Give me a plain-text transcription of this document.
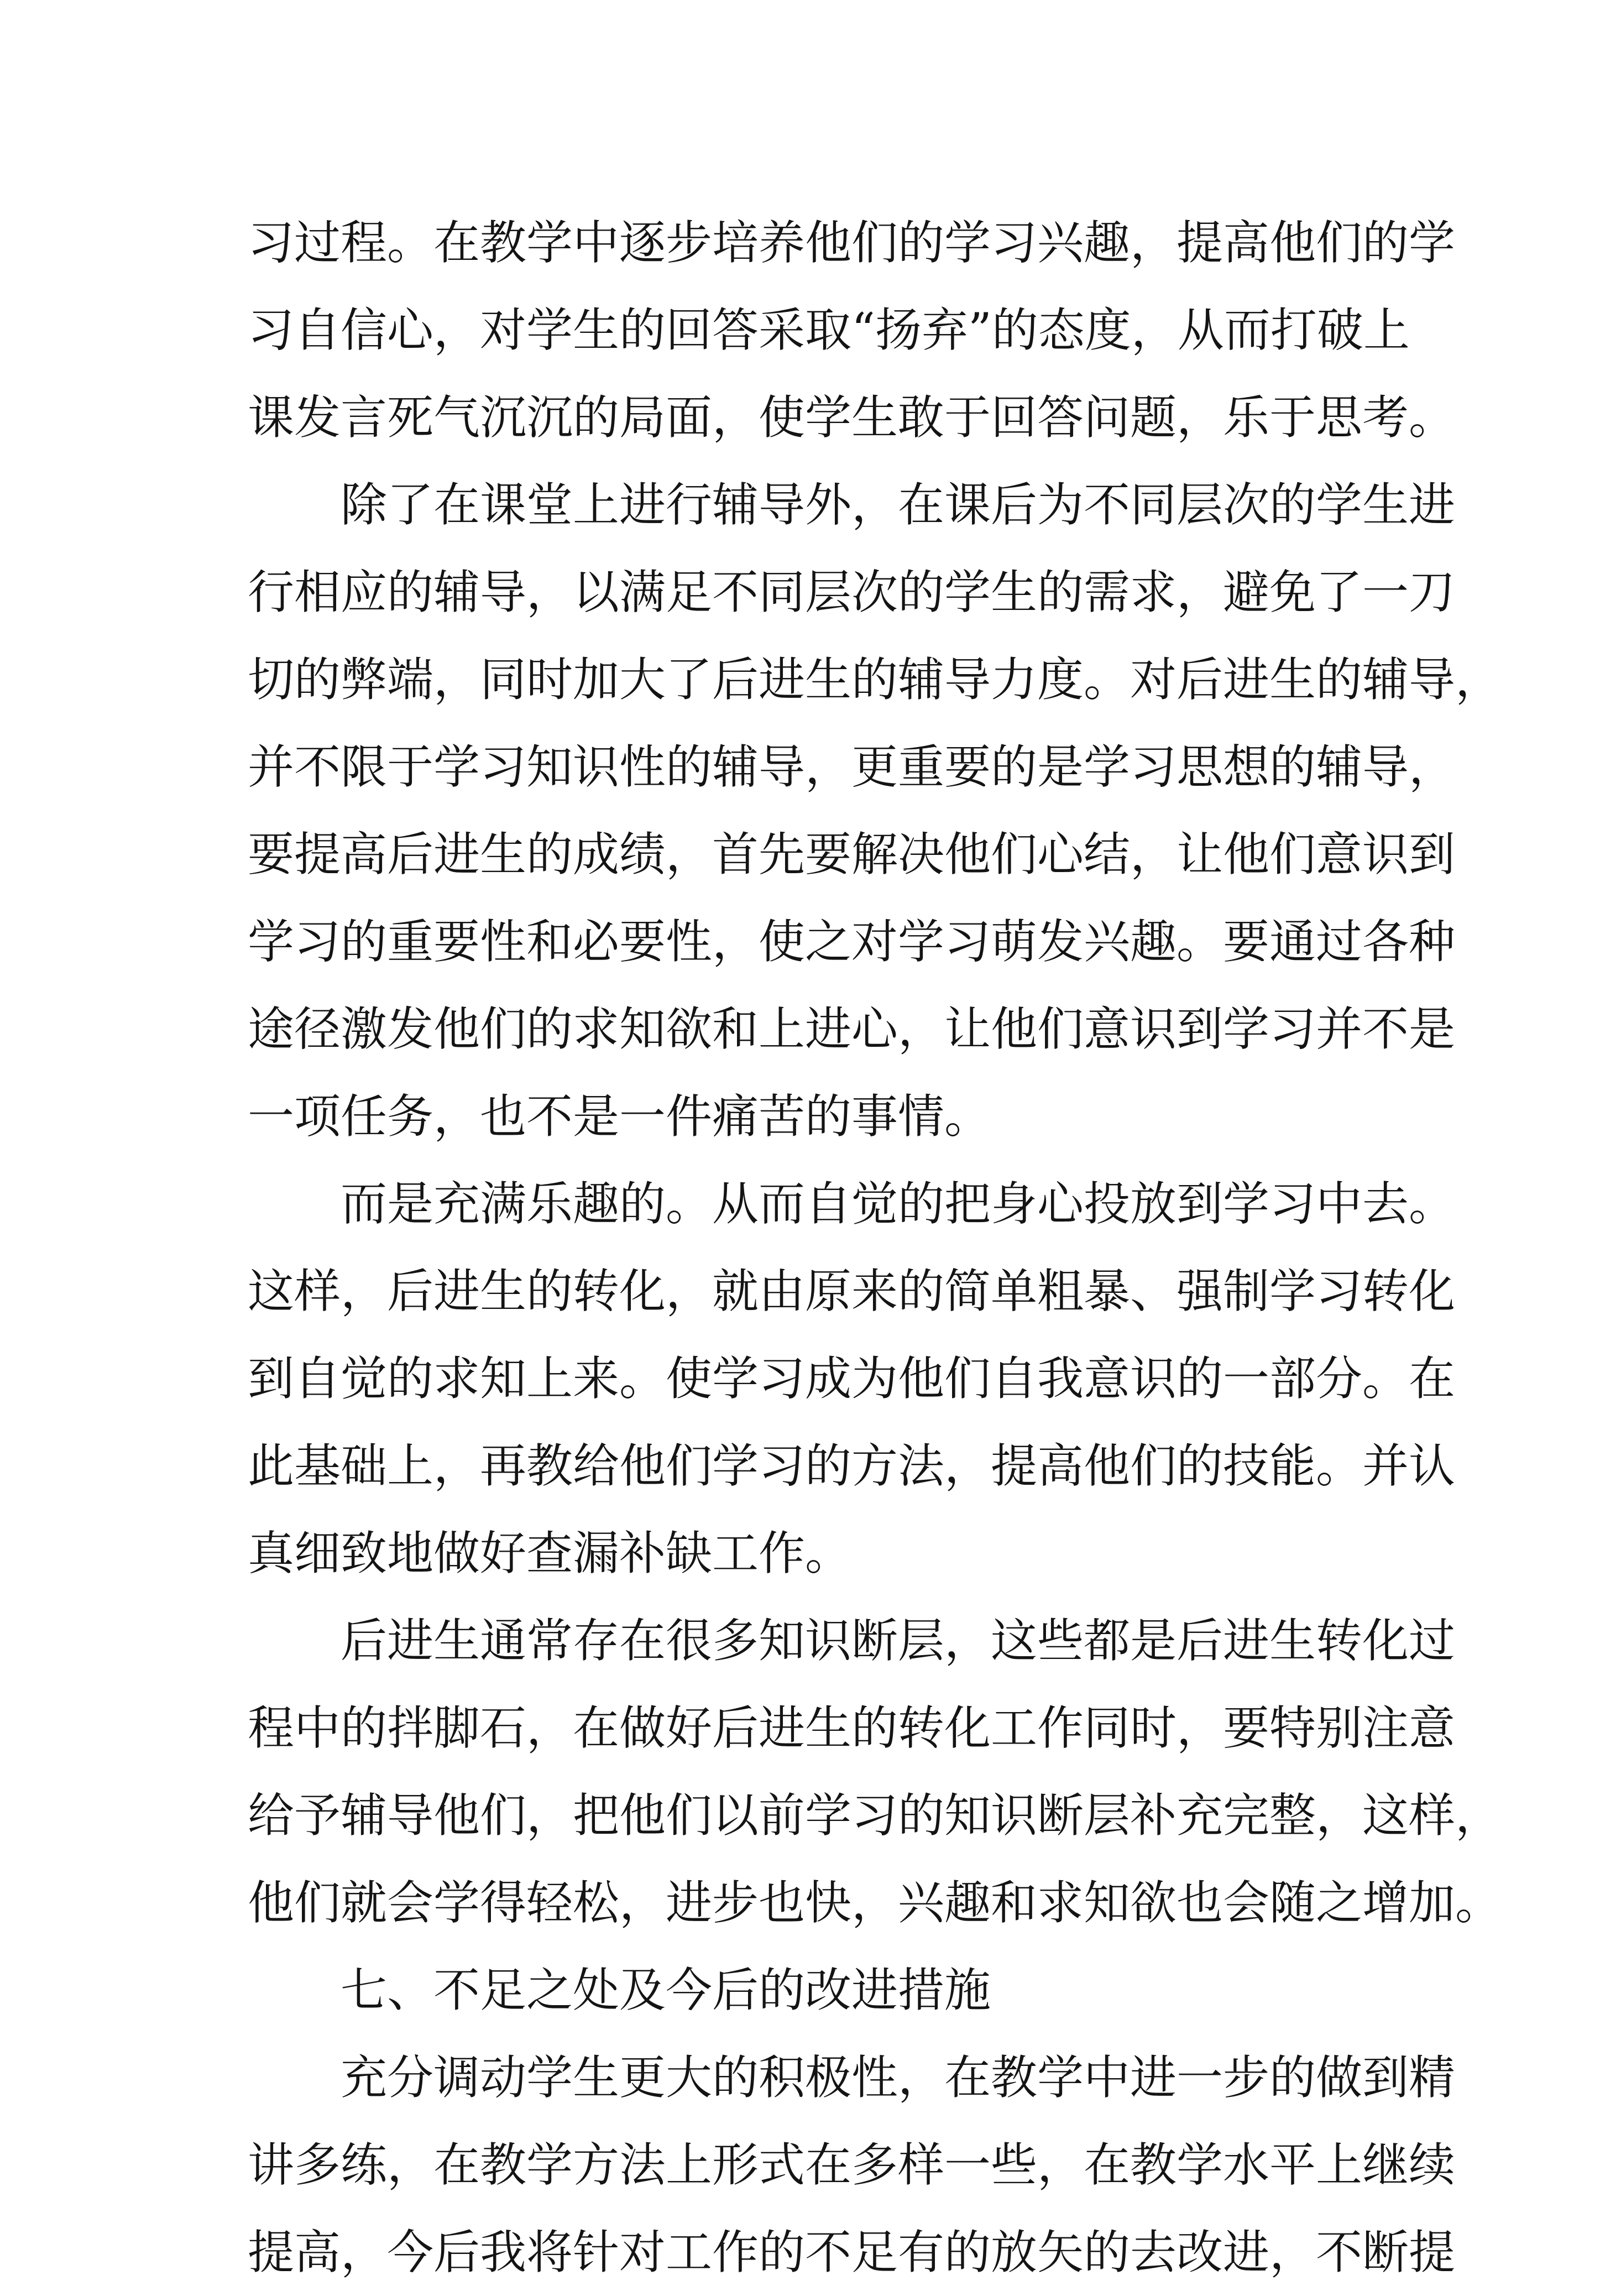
习过程。在教学中逐步培养他们的学习兴趣，提高他们的学
习自信心，对学生的回答采取“扬弃”的态度，从而打破上
课发言死气沉沉的局面，使学生敢于回答问题，乐于思考。
除了在课堂上进行辅导外，在课后为不同层次的学生进
行相应的辅导，以满足不同层次的学生的需求，避免了一刀
切的弊端，同时加大了后进生的辅导力度。对后进生的辅导，
并不限于学习知识性的辅导，更重要的是学习思想的辅导，
要提高后进生的成绩，首先要解决他们心结，让他们意识到
学习的重要性和必要性，使之对学习萌发兴趣。要通过各种
途径激发他们的求知欲和上进心，让他们意识到学习并不是
一项任务，也不是一件痛苦的事情。
而是充满乐趣的。从而自觉的把身心投放到学习中去。
这样，后进生的转化，就由原来的简单粗暴、强制学习转化
到自觉的求知上来。使学习成为他们自我意识的一部分。在
此基础上，再教给他们学习的方法，提高他们的技能。并认
真细致地做好查漏补缺工作。
后进生通常存在很多知识断层，这些都是后进生转化过
程中的拌脚石，在做好后进生的转化工作同时，要特别注意
给予辅导他们，把他们以前学习的知识断层补充完整，这样，
他们就会学得轻松，进步也快，兴趣和求知欲也会随之增加。
七、不足之处及今后的改进措施
充分调动学生更大的积极性，在教学中进一步的做到精
讲多练，在教学方法上形式在多样一些，在教学水平上继续
提高，今后我将针对工作的不足有的放矢的去改进，不断提
